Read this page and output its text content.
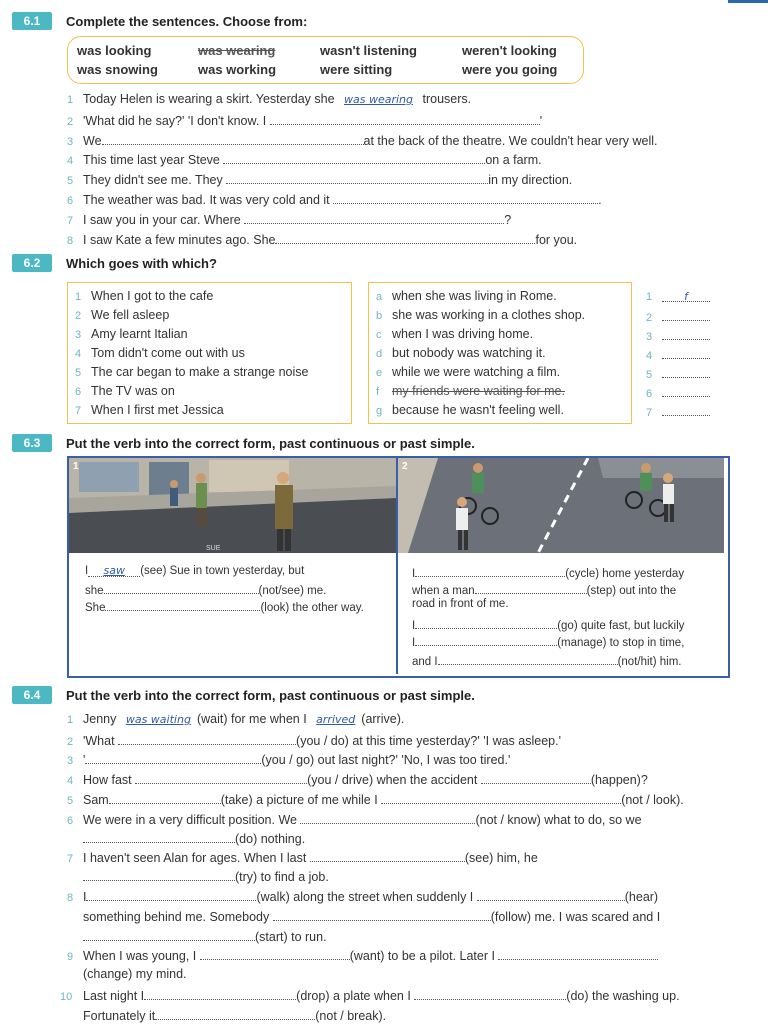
6.1	Complete the sentences. Choose from:
was looking	was wearing	wasn't listening	weren't looking
was snowing	was working	were sitting	were you going
1 Today Helen is wearing a skirt. Yesterday she was wearing trousers.
2 'What did he say?' 'I don't know. I	'
3 We	at the back of the theatre. We couldn't hear very well.
4 This time last year Steve	on a farm.
5 They didn't see me. They	in my direction.
6 The weather was bad. It was very cold and it	.
7 I saw you in your car. Where	?
8 I saw Kate a few minutes ago. She	for you.
6.2	Which goes with which?
1 When I got to the cafe
2 We fell asleep
3 Amy learnt Italian
4 Tom didn't come out with us
5 The car began to make a strange noise
6 The TV was on
7 When I first met Jessica
a when she was living in Rome.
b she was working in a clothes shop.
c when I was driving home.
d but nobody was watching it.
e while we were watching a film.
f my friends were waiting for me.
g because he wasn't feeling well.
1	f
2
3
4
5
6
7
6.3	Put the verb into the correct form, past continuous or past simple.
SUE
1	2
I saw (see) Sue in town yesterday, but
she	(not/see) me.
She	(look) the other way.
I	(cycle) home yesterday
when a man	(step) out into the
road in front of me.
I	(go) quite fast, but luckily
I	(manage) to stop in time,
and I	(not/hit) him.
6.4	Put the verb into the correct form, past continuous or past simple.
1 Jenny was waiting (wait) for me when I arrived (arrive).
2 'What	(you / do) at this time yesterday?' 'I was asleep.'
3 '	(you / go) out last night?' 'No, I was too tired.'
4 How fast	(you / drive) when the accident	(happen)?
5 Sam	(take) a picture of me while I	(not / look).
6 We were in a very difficult position. We	(not / know) what to do, so we
(do) nothing.
7 I haven't seen Alan for ages. When I last	(see) him, he
(try) to find a job.
8 I	(walk) along the street when suddenly I	(hear)
something behind me. Somebody	(follow) me. I was scared and I
(start) to run.
9 When I was young, I	(want) to be a pilot. Later I
(change) my mind.
10 Last night I	(drop) a plate when I	(do) the washing up.
Fortunately it	(not / break).
